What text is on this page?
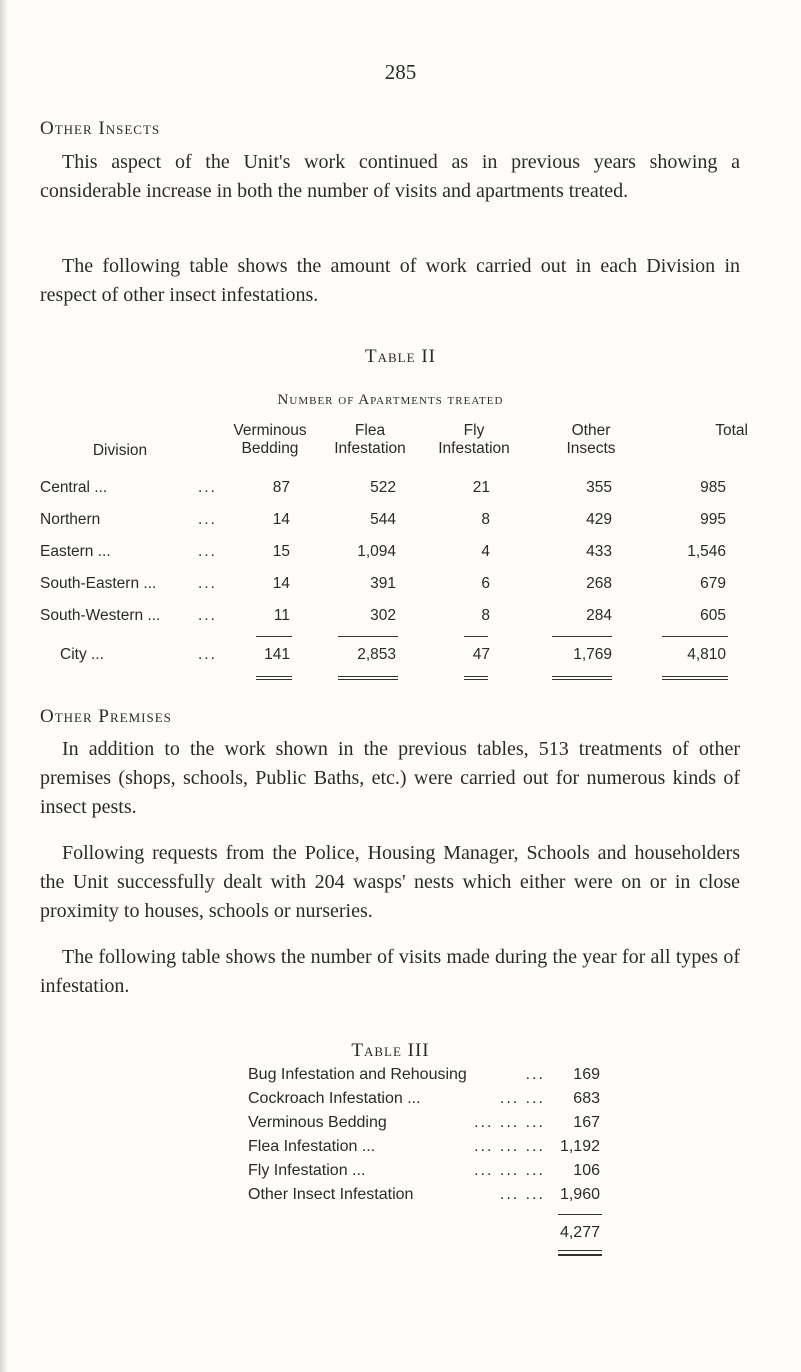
285
Other Insects
This aspect of the Unit's work continued as in previous years showing a considerable increase in both the number of visits and apartments treated.
The following table shows the amount of work carried out in each Division in respect of other insect infestations.
Table II
Number of Apartments treated
Division
Verminous
Bedding
Flea
Infestation
Fly
Infestation
Other
Insects
Total
Central ...	...	87	522	21	355	985
Northern	...	14	544	8	429	995
Eastern ...	...	15	1,094	4	433	1,546
South-Eastern ...	...	14	391	6	268	679
South-Western ... ...	11	302	8	284	605
City ...	...	141	2,853	47	1,769	4,810
Other Premises
In addition to the work shown in the previous tables, 513 treatments of other premises (shops, schools, Public Baths, etc.) were carried out for numerous kinds of insect pests.
Following requests from the Police, Housing Manager, Schools and householders the Unit successfully dealt with 204 wasps' nests which either were on or in close proximity to houses, schools or nurseries.
The following table shows the number of visits made during the year for all types of infestation.
Table III
Bug Infestation and Rehousing	...	169
Cockroach Infestation ...	... ...	683
Verminous Bedding	... ... ...	167
Flea Infestation ...	... ... ... 1,192
Fly Infestation ...	... ... ...	106
Other Insect Infestation	... ... 1,960
4,277
